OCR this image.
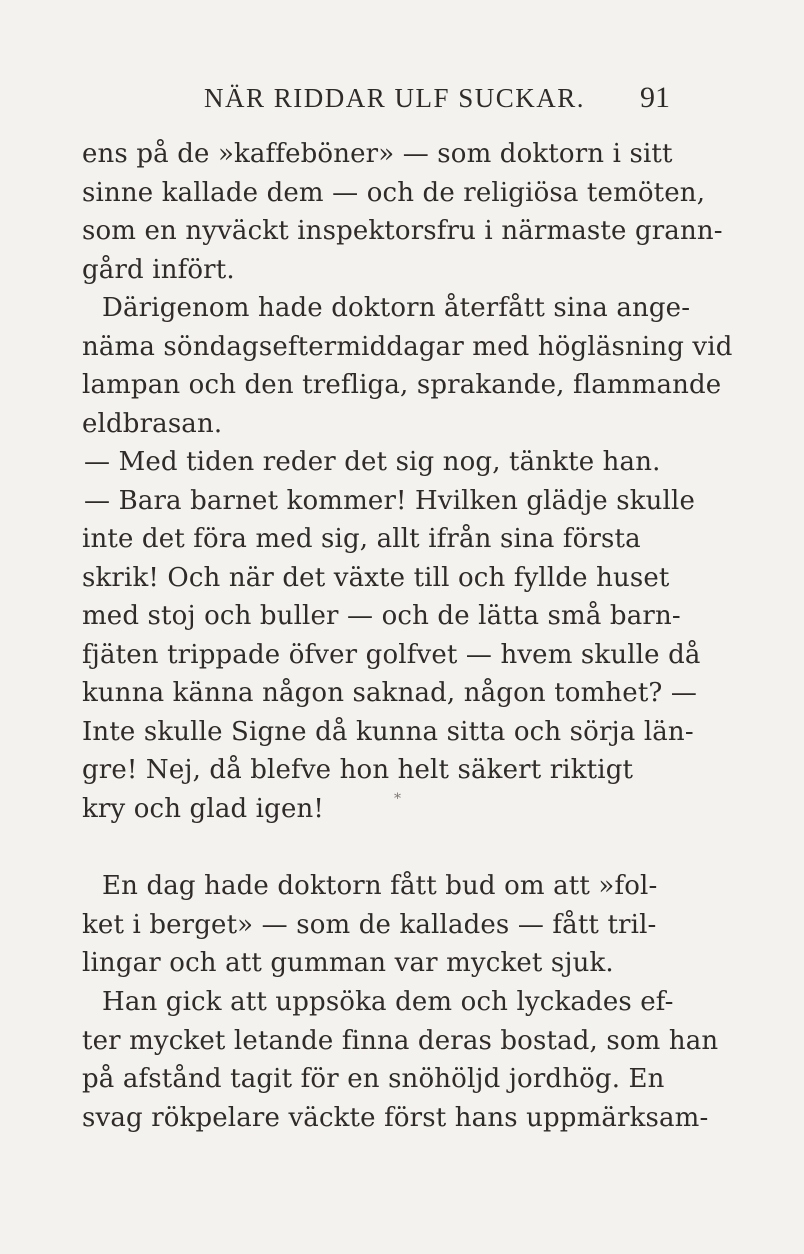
NÄR RIDDAR ULF SUCKAR. 91
ens på de »kaffeböner» — som doktorn i sitt
sinne kallade dem — och de religiösa temöten,
som en nyväckt inspektorsfru i närmaste grann-
gård infört.
Därigenom hade doktorn återfått sina ange-
näma söndagseftermiddagar med högläsning vid
lampan och den trefliga, sprakande, flammande
eldbrasan.
— Med tiden reder det sig nog, tänkte han.
— Bara barnet kommer! Hvilken glädje skulle
inte det föra med sig, allt ifrån sina första
skrik! Och när det växte till och fyllde huset
med stoj och buller — och de lätta små barn-
fjäten trippade öfver golfvet — hvem skulle då
kunna känna någon saknad, någon tomhet? —
Inte skulle Signe då kunna sitta och sörja län-
gre! Nej, då blefve hon helt säkert riktigt
kry och glad igen!	*
En dag hade doktorn fått bud om att »fol-
ket i berget» — som de kallades — fått tril-
lingar och att gumman var mycket sjuk.
Han gick att uppsöka dem och lyckades ef-
ter mycket letande finna deras bostad, som han
på afstånd tagit för en snöhöljd jordhög. En
svag rökpelare väckte först hans uppmärksam-
